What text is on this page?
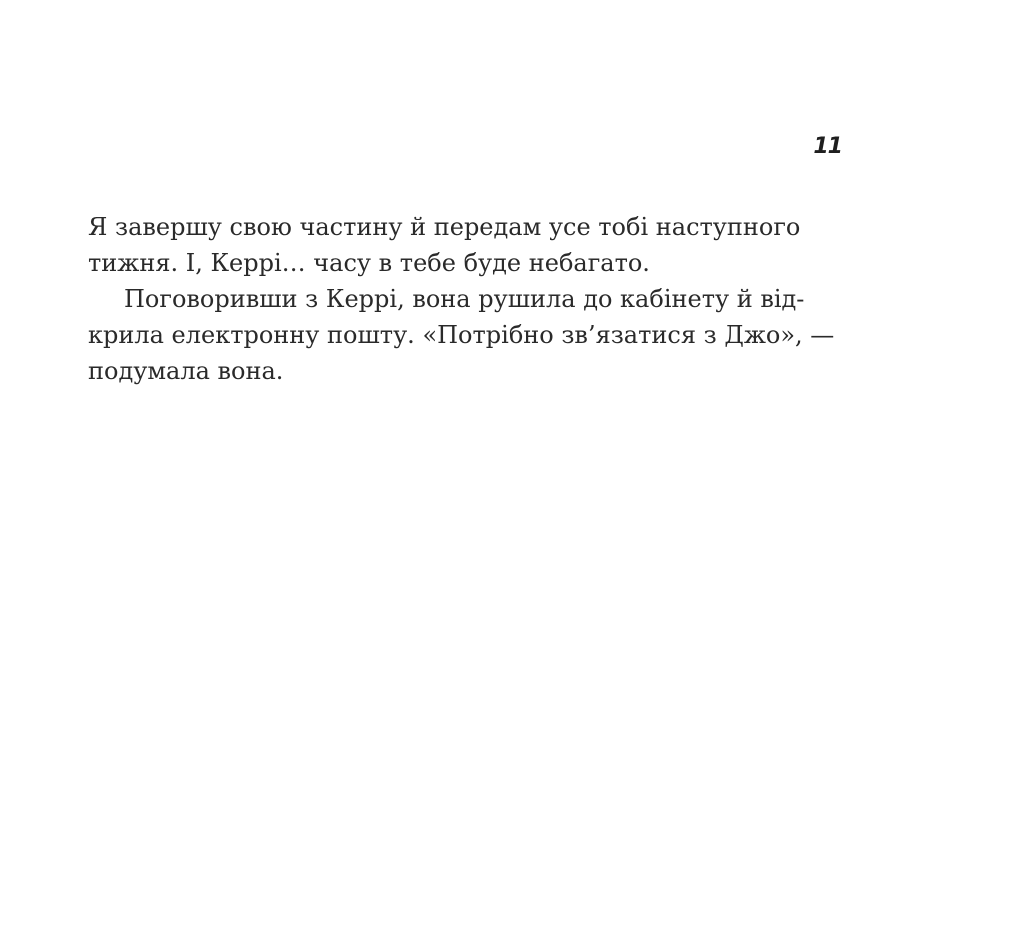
11
Я завершу свою частину й передам усе тобі наступного
тижня. І, Керрі… часу в тебе буде небагато.
Поговоривши з Керрі, вона рушила до кабінету й від-
крила електронну пошту. «Потрібно зв’язатися з Джо», —
подумала вона.
